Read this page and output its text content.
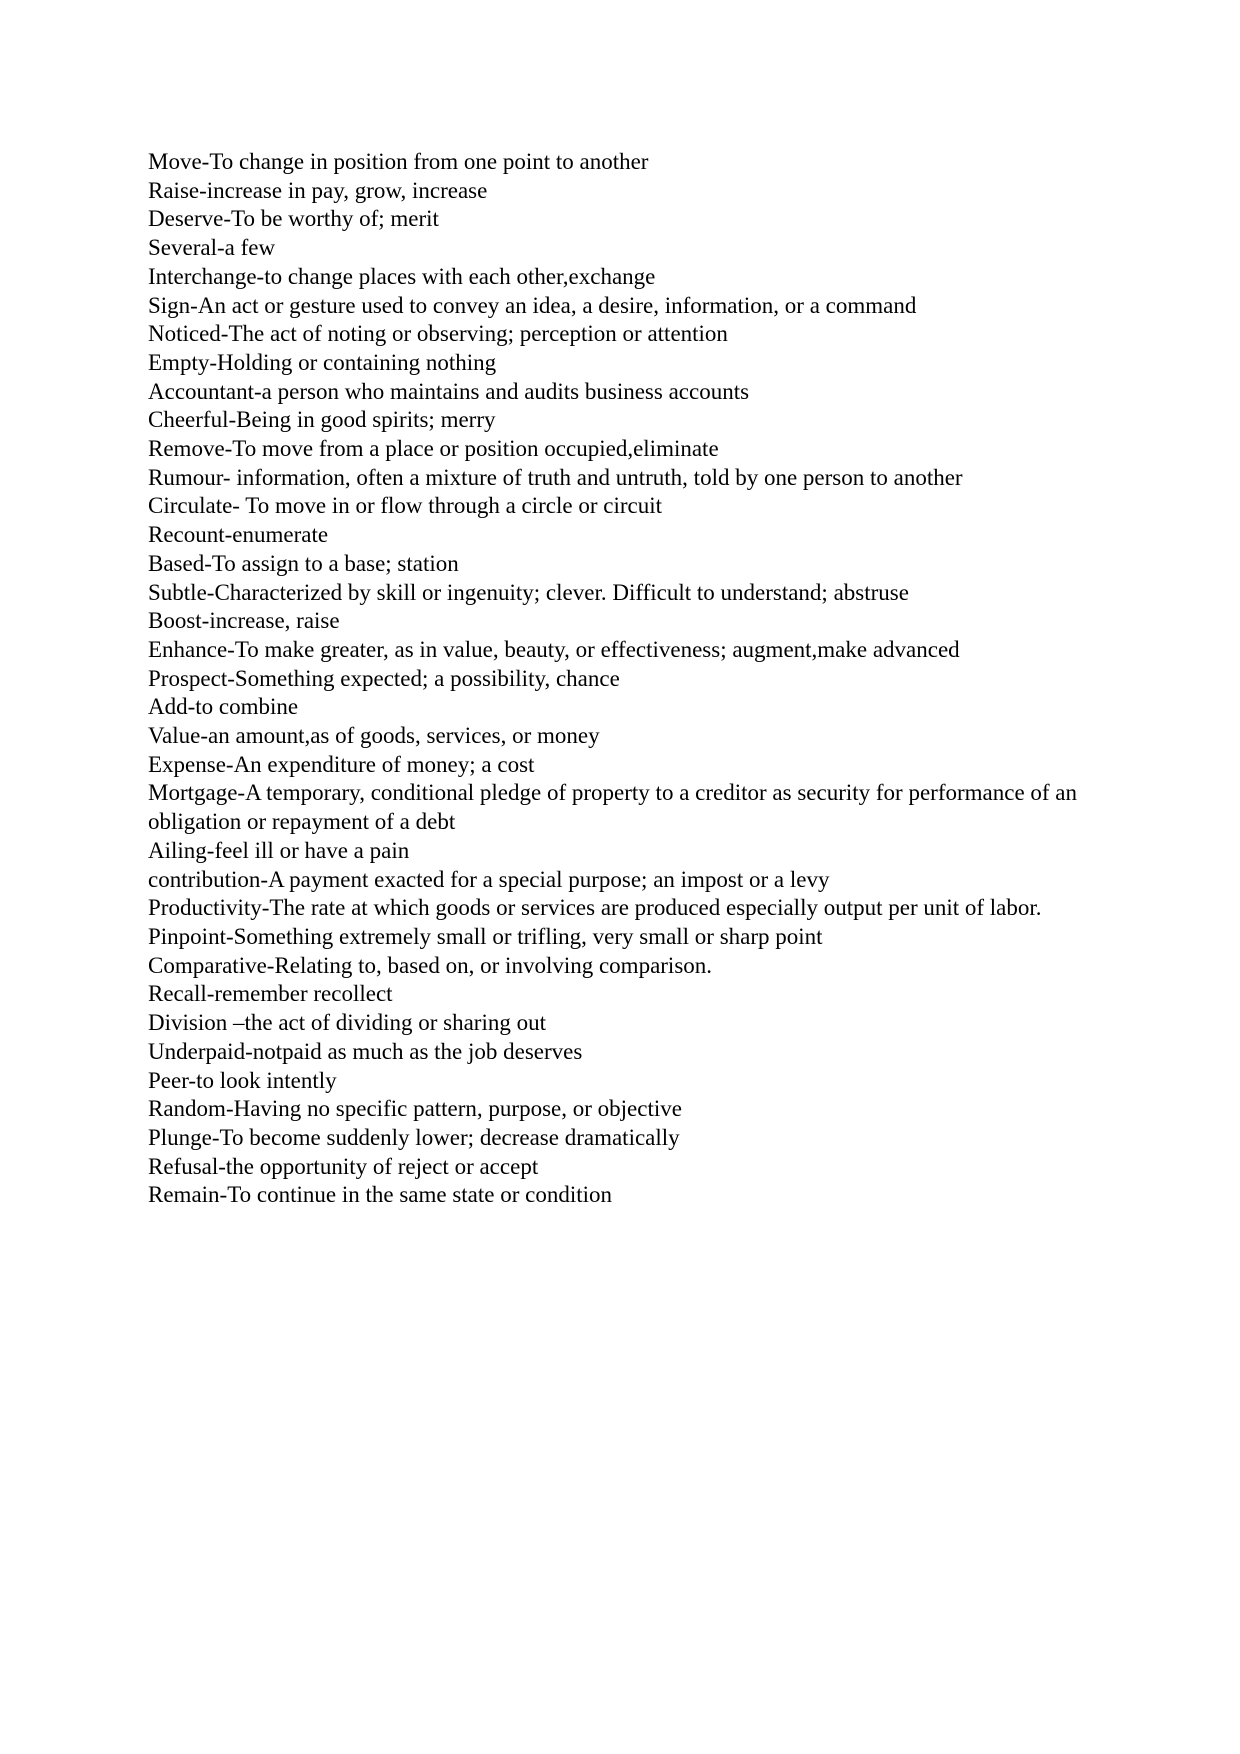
Move-To change in position from one point to another
Raise-increase in pay, grow, increase
Deserve-To be worthy of; merit
Several-a few
Interchange-to change places with each other,exchange
Sign-An act or gesture used to convey an idea, a desire, information, or a command
Noticed-The act of noting or observing; perception or attention
Empty-Holding or containing nothing
Accountant-a person who maintains and audits business accounts
Cheerful-Being in good spirits; merry
Remove-To move from a place or position occupied,eliminate
Rumour- information, often a mixture of truth and untruth, told by one person to another
Circulate- To move in or flow through a circle or circuit
Recount-enumerate
Based-To assign to a base; station
Subtle-Characterized by skill or ingenuity; clever. Difficult to understand; abstruse
Boost-increase, raise
Enhance-To make greater, as in value, beauty, or effectiveness; augment,make advanced
Prospect-Something expected; a possibility, chance
Add-to combine
Value-an amount,as of goods, services, or money
Expense-An expenditure of money; a cost
Mortgage-A temporary, conditional pledge of property to a creditor as security for performance of an obligation or repayment of a debt
Ailing-feel ill or have a pain
contribution-A payment exacted for a special purpose; an impost or a levy
Productivity-The rate at which goods or services are produced especially output per unit of labor.
Pinpoint-Something extremely small or trifling, very small or sharp point
Comparative-Relating to, based on, or involving comparison.
Recall-remember recollect
Division –the act of dividing or sharing out
Underpaid-notpaid as much as the job deserves
Peer-to look intently
Random-Having no specific pattern, purpose, or objective
Plunge-To become suddenly lower; decrease dramatically
Refusal-the opportunity of reject or accept
Remain-To continue in the same state or condition
